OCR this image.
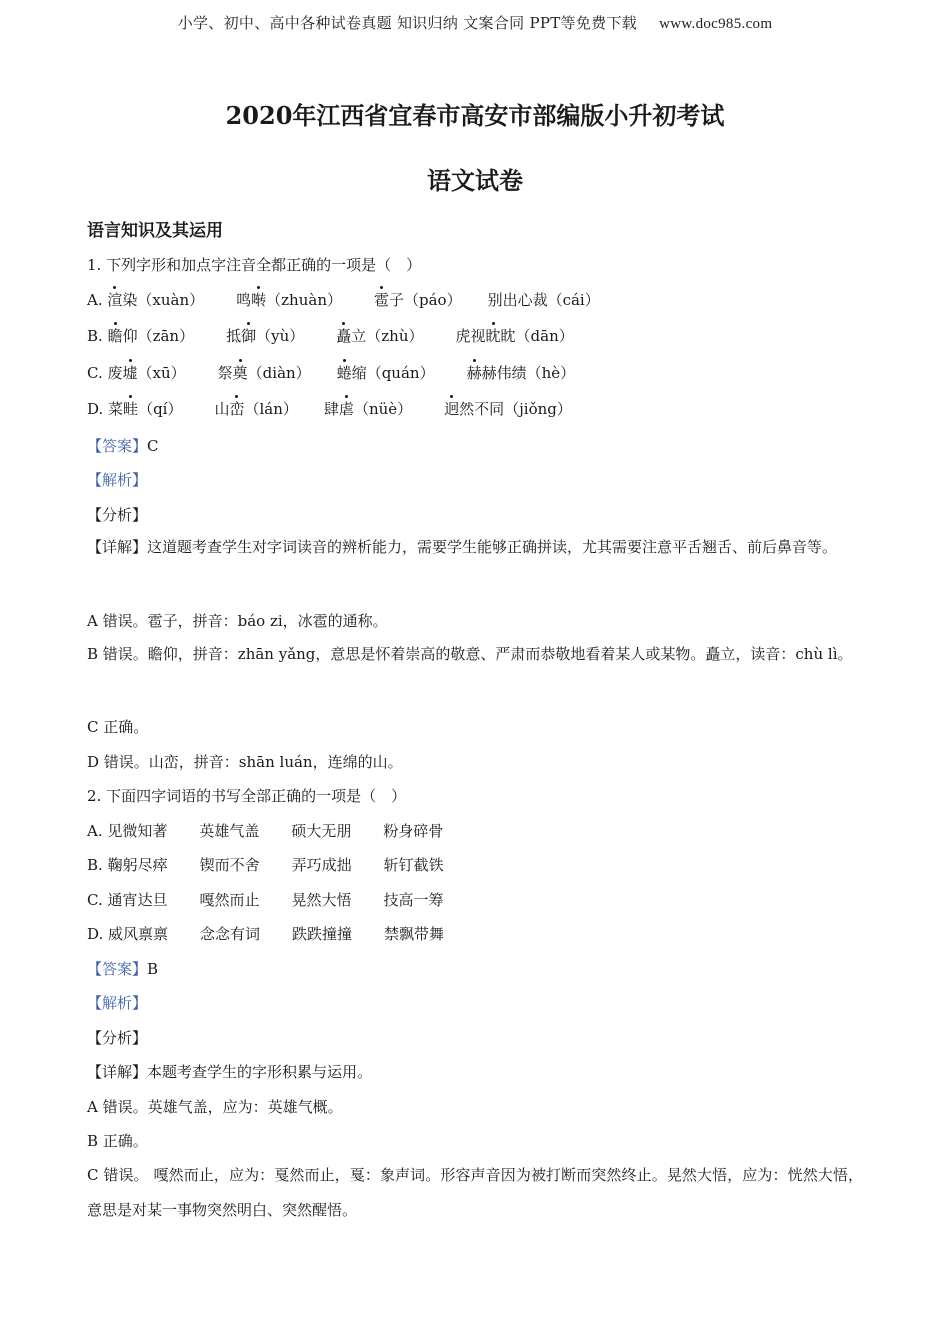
小学、初中、高中各种试卷真题 知识归纳 文案合同 PPT等免费下载 www.doc985.com
2020年江西省宜春市高安市部编版小升初考试
语文试卷
语言知识及其运用
1. 下列字形和加点字注音全都正确的一项是（　）
A. 渲染（xuàn） 鸣啭（zhuàn） 雹子（páo） 别出心裁（cái）
B. 瞻仰（zān） 抵御（yù） 矗立（zhù） 虎视眈眈（dān）
C. 废墟（xū） 祭奠（diàn） 蜷缩（quán） 赫赫伟绩（hè）
D. 菜畦（qí） 山峦（lán） 肆虐（nüè） 迥然不同（jiǒng）
【答案】C
【解析】
【分析】
【详解】这道题考查学生对字词读音的辨析能力，需要学生能够正确拼读，尤其需要注意平舌翘舌、前后鼻音等。
A 错误。雹子，拼音：báo zi，冰雹的通称。
B 错误。瞻仰，拼音：zhān yǎng，意思是怀着崇高的敬意、严肃而恭敬地看着某人或某物。矗立，读音：chù lì。
C 正确。
D 错误。山峦，拼音：shān luán，连绵的山。
2. 下面四字词语的书写全部正确的一项是（　）
A. 见微知著 英雄气盖 硕大无朋 粉身碎骨
B. 鞠躬尽瘁 锲而不舍 弄巧成拙 斩钉截铁
C. 通宵达旦 嘎然而止 晃然大悟 技高一筹
D. 威风禀禀 念念有词 跌跌撞撞 禁飘带舞
【答案】B
【解析】
【分析】
【详解】本题考查学生的字形积累与运用。
A 错误。英雄气盖，应为：英雄气概。
B 正确。
C 错误。 嘎然而止，应为：戛然而止，戛：象声词。形容声音因为被打断而突然终止。晃然大悟，应为：恍然大悟，意思是对某一事物突然明白、突然醒悟。
